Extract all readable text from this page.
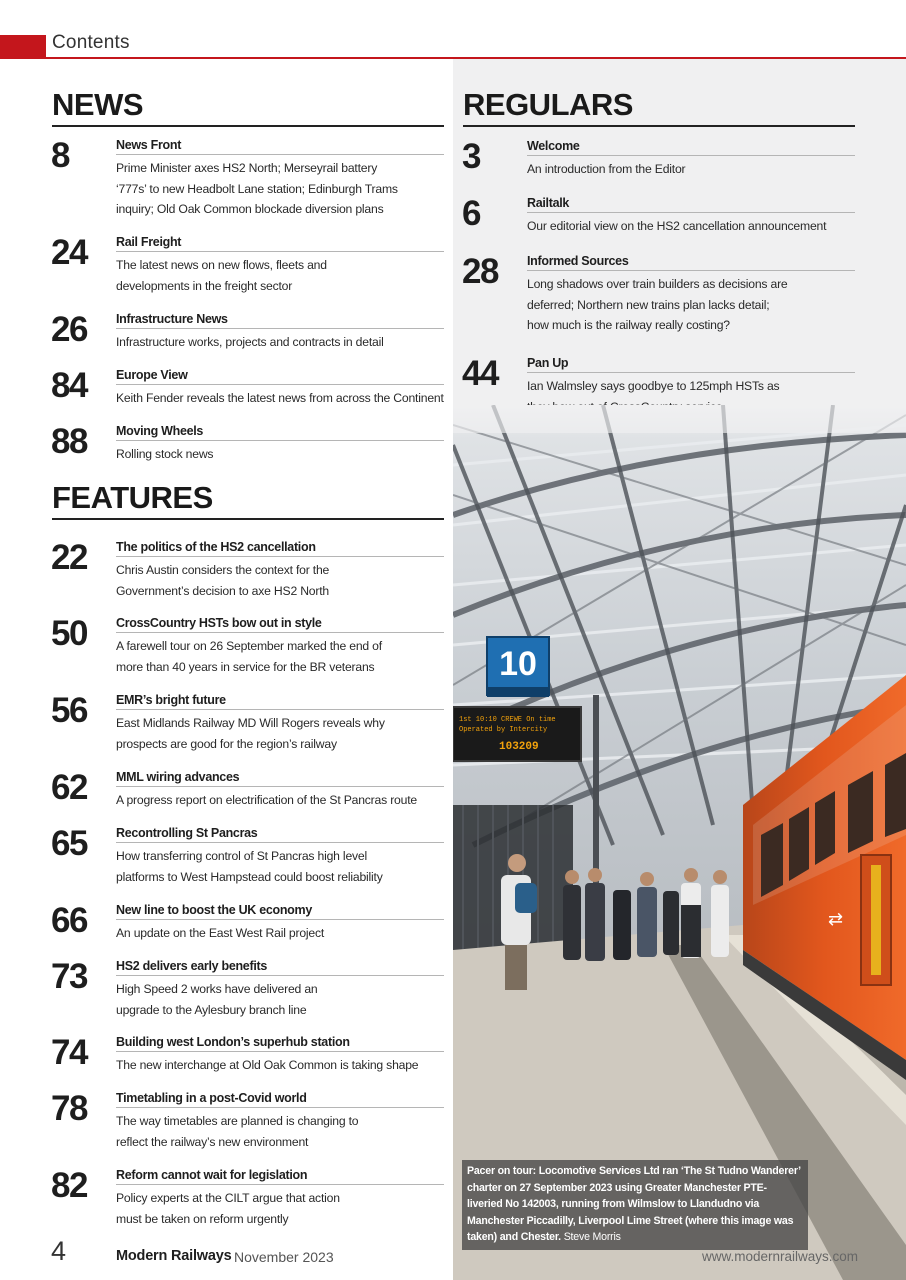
Contents
NEWS
8	News Front
Prime Minister axes HS2 North; Merseyrail battery
‘777s’ to new Headbolt Lane station; Edinburgh Trams
inquiry; Old Oak Common blockade diversion plans
24 Rail Freight
The latest news on new flows, fleets and
developments in the freight sector
26 Infrastructure News
Infrastructure works, projects and contracts in detail
84 Europe View
Keith Fender reveals the latest news from across the Continent
88 Moving Wheels
Rolling stock news
FEATURES
22 The politics of the HS2 cancellation
Chris Austin considers the context for the
Government’s decision to axe HS2 North
50 CrossCountry HSTs bow out in style
A farewell tour on 26 September marked the end of
more than 40 years in service for the BR veterans
56 EMR’s bright future
East Midlands Railway MD Will Rogers reveals why
prospects are good for the region’s railway
62 MML wiring advances
A progress report on electrification of the St Pancras route
65 Recontrolling St Pancras
How transferring control of St Pancras high level
platforms to West Hampstead could boost reliability
66 New line to boost the UK economy
An update on the East West Rail project
73 HS2 delivers early benefits
High Speed 2 works have delivered an
upgrade to the Aylesbury branch line
74 Building west London’s superhub station
The new interchange at Old Oak Common is taking shape
78 Timetabling in a post-Covid world
The way timetables are planned is changing to
reflect the railway’s new environment
82 Reform cannot wait for legislation
Policy experts at the CILT argue that action
must be taken on reform urgently
REGULARS
3	Welcome
An introduction from the Editor
6	Railtalk
Our editorial view on the HS2 cancellation announcement
28 Informed Sources
Long shadows over train builders as decisions are
deferred; Northern new trains plan lacks detail;
how much is the railway really costing?
44 Pan Up
Ian Walmsley says goodbye to 125mph HSTs as
10
1st 10:10 CREWE On time
Operated by Intercity
103209
⇄
Pacer on tour: Locomotive Services Ltd ran ‘The St Tudno Wanderer’ charter on 27 September 2023 using Greater Manchester PTE-liveried No 142003, running from Wilmslow to Llandudno via Manchester Piccadilly, Liverpool Lime Street (where this image was taken) and Chester. Steve Morris
4	Modern Railways November 2023	www.modernrailways.com
